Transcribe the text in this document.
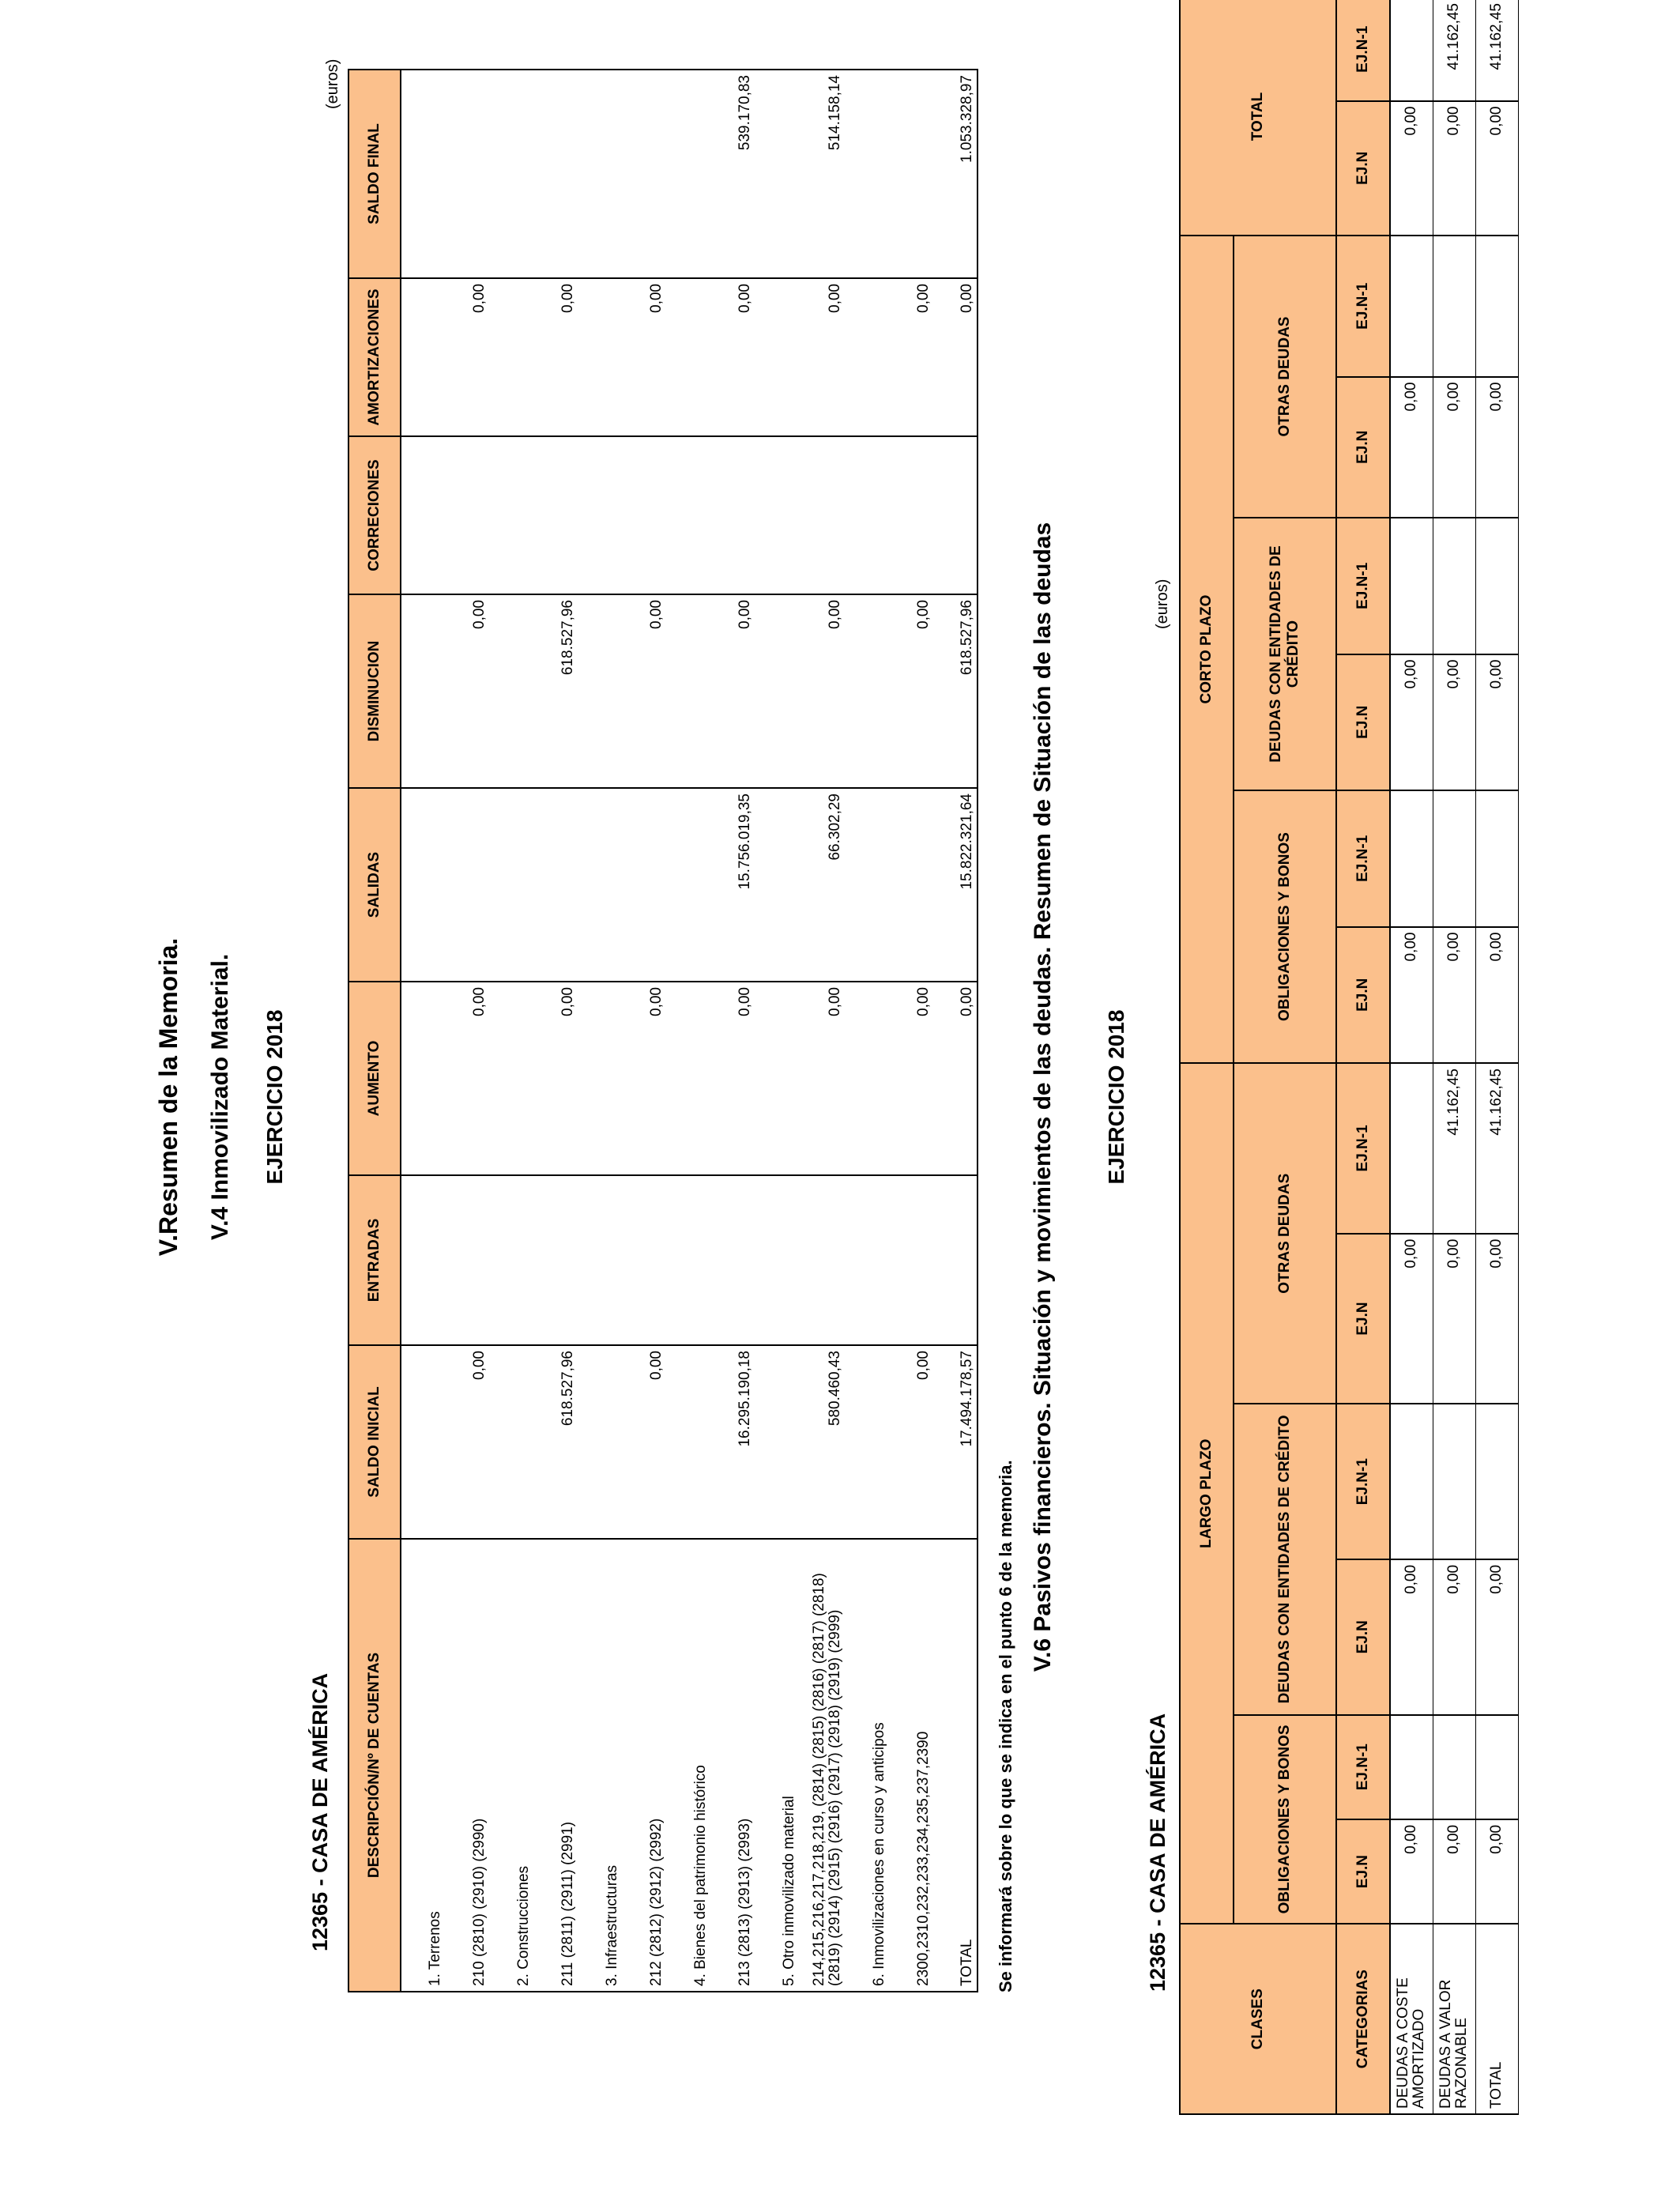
V.Resumen de la Memoria. V.4 Inmovilizado Material. EJERCICIO 2018
12365 - CASA DE AMÉRICA
(euros)
DESCRIPCIÓN/Nº DE CUENTAS	SALDO INICIAL	ENTRADAS	AUMENTO	SALIDAS	DISMINUCION	CORRECIONES	AMORTIZACIONES	SALDO FINAL
1. Terrenos								
210 (2810) (2910) (2990)	0,00		0,00		0,00		0,00	
2. Construcciones								
211 (2811) (2911) (2991)	618.527,96		0,00		618.527,96		0,00	
3. Infraestructuras								
212 (2812) (2912) (2992)	0,00		0,00		0,00		0,00	
4. Bienes del patrimonio histórico								
213 (2813) (2913) (2993)	16.295.190,18		0,00	15.756.019,35	0,00		0,00	539.170,83
5. Otro inmovilizado material								
214,215,216,217,218,219, (2814) (2815) (2816) (2817) (2818) (2819) (2914) (2915) (2916) (2917) (2918) (2919) (2999)	580.460,43		0,00	66.302,29	0,00		0,00	514.158,14
6. Inmovilizaciones en curso y anticipos								
2300,2310,232,233,234,235,237,2390	0,00		0,00		0,00		0,00	
TOTAL	17.494.178,57		0,00	15.822.321,64	618.527,96		0,00	1.053.328,97
Se informará sobre lo que se indica en el punto 6 de la memoria.
V.6 Pasivos financieros. Situación y movimientos de las deudas. Resumen de Situación de las deudas EJERCICIO 2018
12365 - CASA DE AMÉRICA
(euros)
CLASES	LARGO PLAZO						CORTO PLAZO						TOTAL	
	OBLIGACIONES Y BONOS		DEUDAS CON ENTIDADES DE CRÉDITO		OTRAS DEUDAS		OBLIGACIONES Y BONOS		DEUDAS CON ENTIDADES DE CRÉDITO		OTRAS DEUDAS			
CATEGORIAS	EJ.N	EJ.N-1	EJ.N	EJ.N-1	EJ.N	EJ.N-1	EJ.N	EJ.N-1	EJ.N	EJ.N-1	EJ.N	EJ.N-1	EJ.N	EJ.N-1
DEUDAS A COSTE AMORTIZADO	0,00		0,00		0,00		0,00		0,00		0,00		0,00	
DEUDAS A VALOR RAZONABLE	0,00		0,00		0,00	41.162,45	0,00		0,00		0,00		0,00	41.162,45
TOTAL	0,00		0,00		0,00	41.162,45	0,00		0,00		0,00		0,00	41.162,45
